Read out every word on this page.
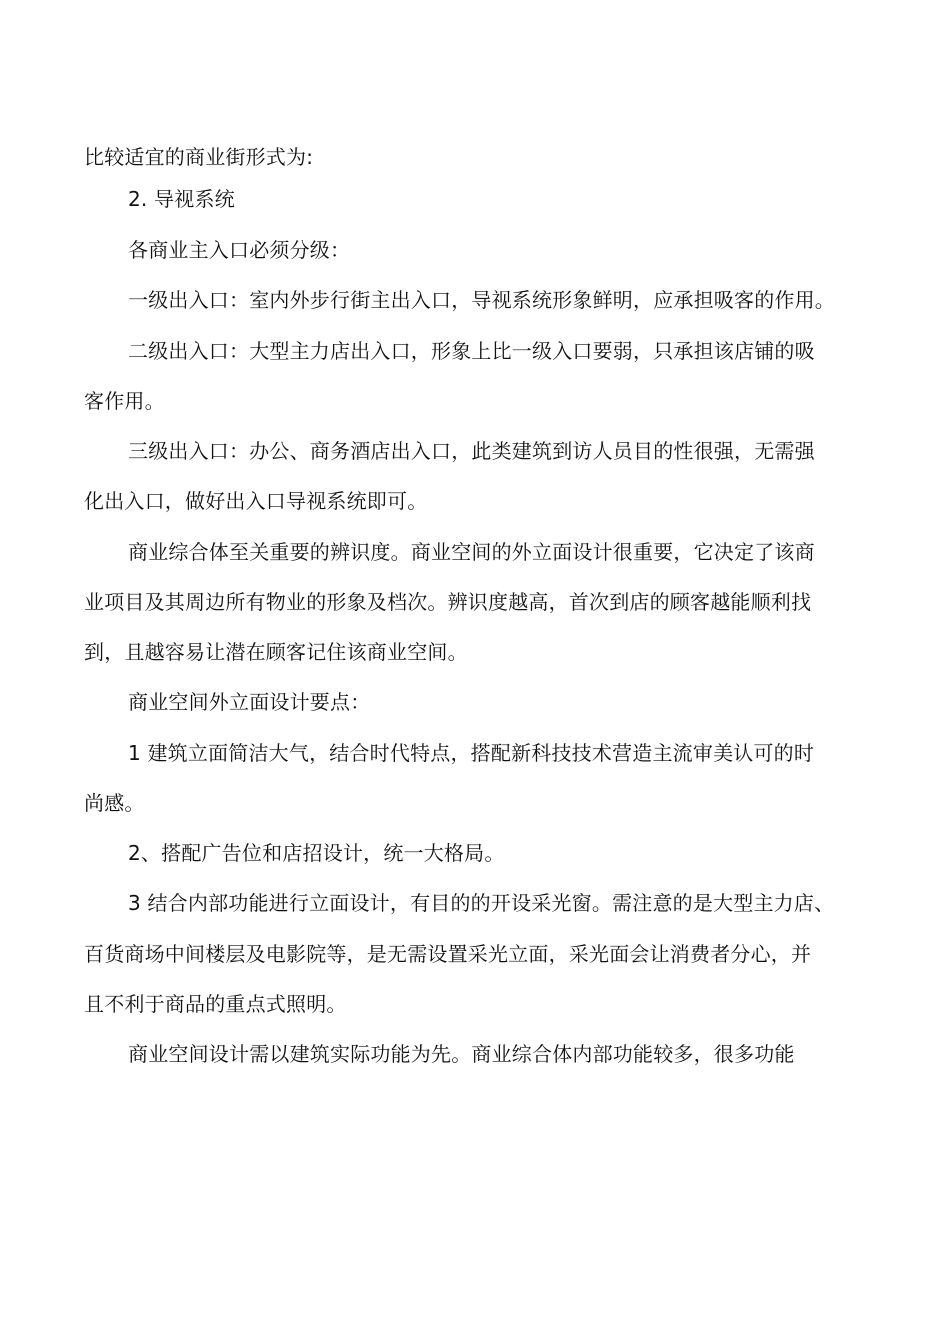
比较适宜的商业街形式为:
2. 导视系统
各商业主入口必须分级：
一级出入口：室内外步行街主出入口，导视系统形象鲜明，应承担吸客的作用。
二级出入口：大型主力店出入口，形象上比一级入口要弱，只承担该店铺的吸
客作用。
三级出入口：办公、商务酒店出入口，此类建筑到访人员目的性很强，无需强
化出入口，做好出入口导视系统即可。
商业综合体至关重要的辨识度。商业空间的外立面设计很重要，它决定了该商
业项目及其周边所有物业的形象及档次。辨识度越高，首次到店的顾客越能顺利找
到，且越容易让潜在顾客记住该商业空间。
商业空间外立面设计要点：
1 建筑立面简洁大气，结合时代特点，搭配新科技技术营造主流审美认可的时
尚感。
2、搭配广告位和店招设计，统一大格局。
3 结合内部功能进行立面设计，有目的的开设采光窗。需注意的是大型主力店、
百货商场中间楼层及电影院等，是无需设置采光立面，采光面会让消费者分心，并
且不利于商品的重点式照明。
商业空间设计需以建筑实际功能为先。商业综合体内部功能较多，很多功能
